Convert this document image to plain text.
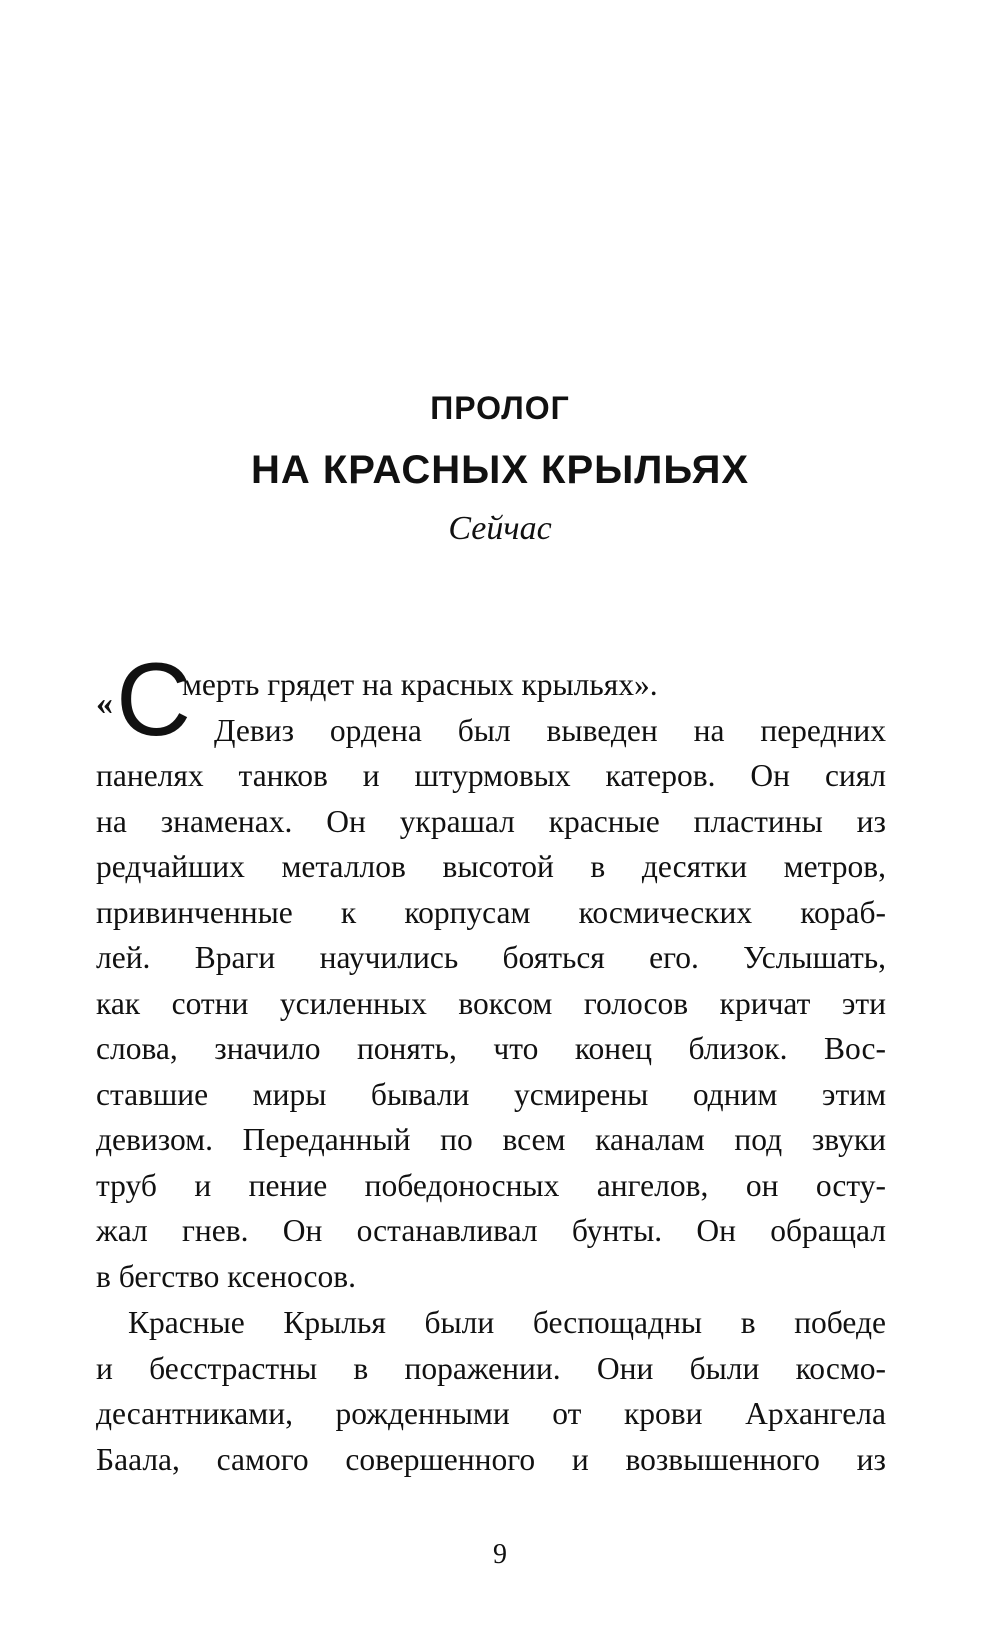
ПРОЛОГ
НА КРАСНЫХ КРЫЛЬЯХ
Сейчас
« С
мерть грядет на красных крыльях».
Девиз ордена был выведен на передних
панелях танков и штурмовых катеров. Он сиял
на знаменах. Он украшал красные пластины из
редчайших металлов высотой в десятки метров,
привинченные к корпусам космических кораб-
лей. Враги научились бояться его. Услышать,
как сотни усиленных воксом голосов кричат эти
слова, значило понять, что конец близок. Вос-
ставшие миры бывали усмирены одним этим
девизом. Переданный по всем каналам под звуки
труб и пение победоносных ангелов, он осту-
жал гнев. Он останавливал бунты. Он обращал
в бегство ксеносов.
Красные Крылья были беспощадны в победе
и бесстрастны в поражении. Они были космо-
десантниками, рожденными от крови Архангела
Баала, самого совершенного и возвышенного из
9
